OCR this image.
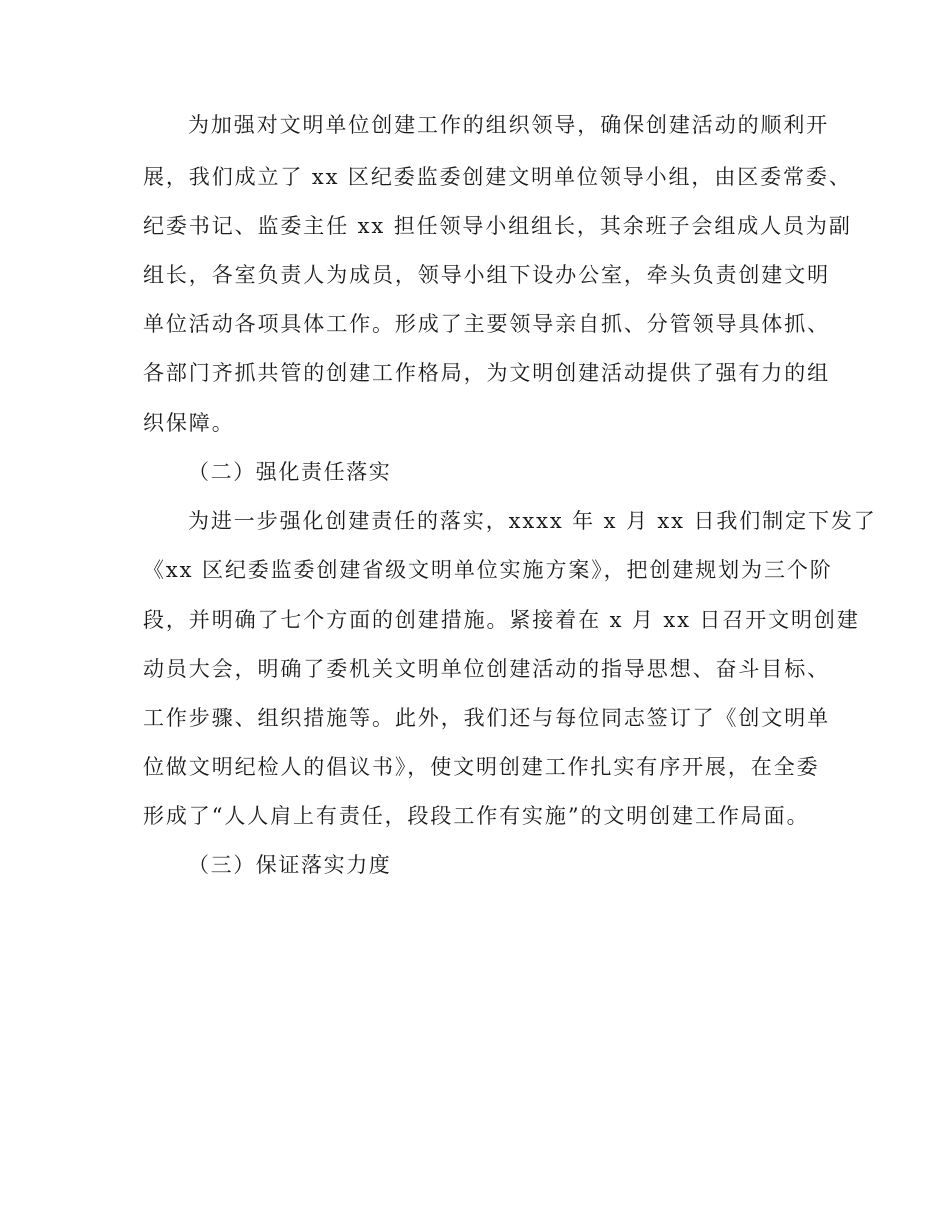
为加强对文明单位创建工作的组织领导，确保创建活动的顺利开

展，我们成立了 xx 区纪委监委创建文明单位领导小组，由区委常委、

纪委书记、监委主任 xx 担任领导小组组长，其余班子会组成人员为副

组长，各室负责人为成员，领导小组下设办公室，牵头负责创建文明

单位活动各项具体工作。形成了主要领导亲自抓、分管领导具体抓、

各部门齐抓共管的创建工作格局，为文明创建活动提供了强有力的组

织保障。

（二）强化责任落实

为进一步强化创建责任的落实，xxxx 年 x 月 xx 日我们制定下发了

《xx 区纪委监委创建省级文明单位实施方案》，把创建规划为三个阶

段，并明确了七个方面的创建措施。紧接着在 x 月 xx 日召开文明创建

动员大会，明确了委机关文明单位创建活动的指导思想、奋斗目标、

工作步骤、组织措施等。此外，我们还与每位同志签订了《创文明单

位做文明纪检人的倡议书》，使文明创建工作扎实有序开展，在全委

形成了“人人肩上有责任，段段工作有实施”的文明创建工作局面。

（三）保证落实力度
